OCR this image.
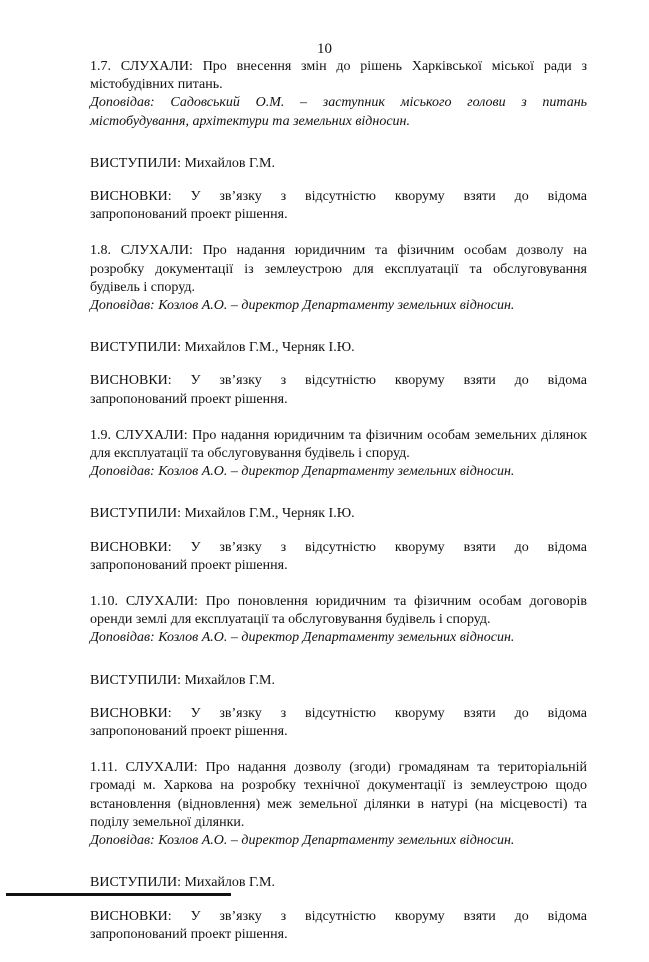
10

1.7. СЛУХАЛИ: Про внесення змін до рішень Харківської міської ради з містобудівних питань.

Доповідав: Садовський О.М. – заступник міського голови з питань містобудування, архітектури та земельних відносин.

ВИСТУПИЛИ: Михайлов Г.М.

ВИСНОВКИ: У зв’язку з відсутністю кворуму взяти до відома

запропонований проект рішення.

1.8. СЛУХАЛИ: Про надання юридичним та фізичним особам дозволу на розробку документації із землеустрою для експлуатації та обслуговування будівель і споруд.

Доповідав: Козлов А.О. – директор Департаменту земельних відносин.

ВИСТУПИЛИ: Михайлов Г.М., Черняк І.Ю.

ВИСНОВКИ: У зв’язку з відсутністю кворуму взяти до відома

запропонований проект рішення.

1.9. СЛУХАЛИ: Про надання юридичним та фізичним особам земельних ділянок для експлуатації та обслуговування будівель і споруд.

Доповідав: Козлов А.О. – директор Департаменту земельних відносин.

ВИСТУПИЛИ: Михайлов Г.М., Черняк І.Ю.

ВИСНОВКИ: У зв’язку з відсутністю кворуму взяти до відома

запропонований проект рішення.

1.10. СЛУХАЛИ: Про поновлення юридичним та фізичним особам договорів оренди землі для експлуатації та обслуговування будівель і споруд.

Доповідав: Козлов А.О. – директор Департаменту земельних відносин.

ВИСТУПИЛИ: Михайлов Г.М.

ВИСНОВКИ: У зв’язку з відсутністю кворуму взяти до відома

запропонований проект рішення.

1.11. СЛУХАЛИ: Про надання дозволу (згоди) громадянам та територіальній громаді м. Харкова на розробку технічної документації із землеустрою щодо встановлення (відновлення) меж земельної ділянки в натурі (на місцевості) та поділу земельної ділянки.

Доповідав: Козлов А.О. – директор Департаменту земельних відносин.

ВИСТУПИЛИ: Михайлов Г.М.

ВИСНОВКИ: У зв’язку з відсутністю кворуму взяти до відома

запропонований проект рішення.
